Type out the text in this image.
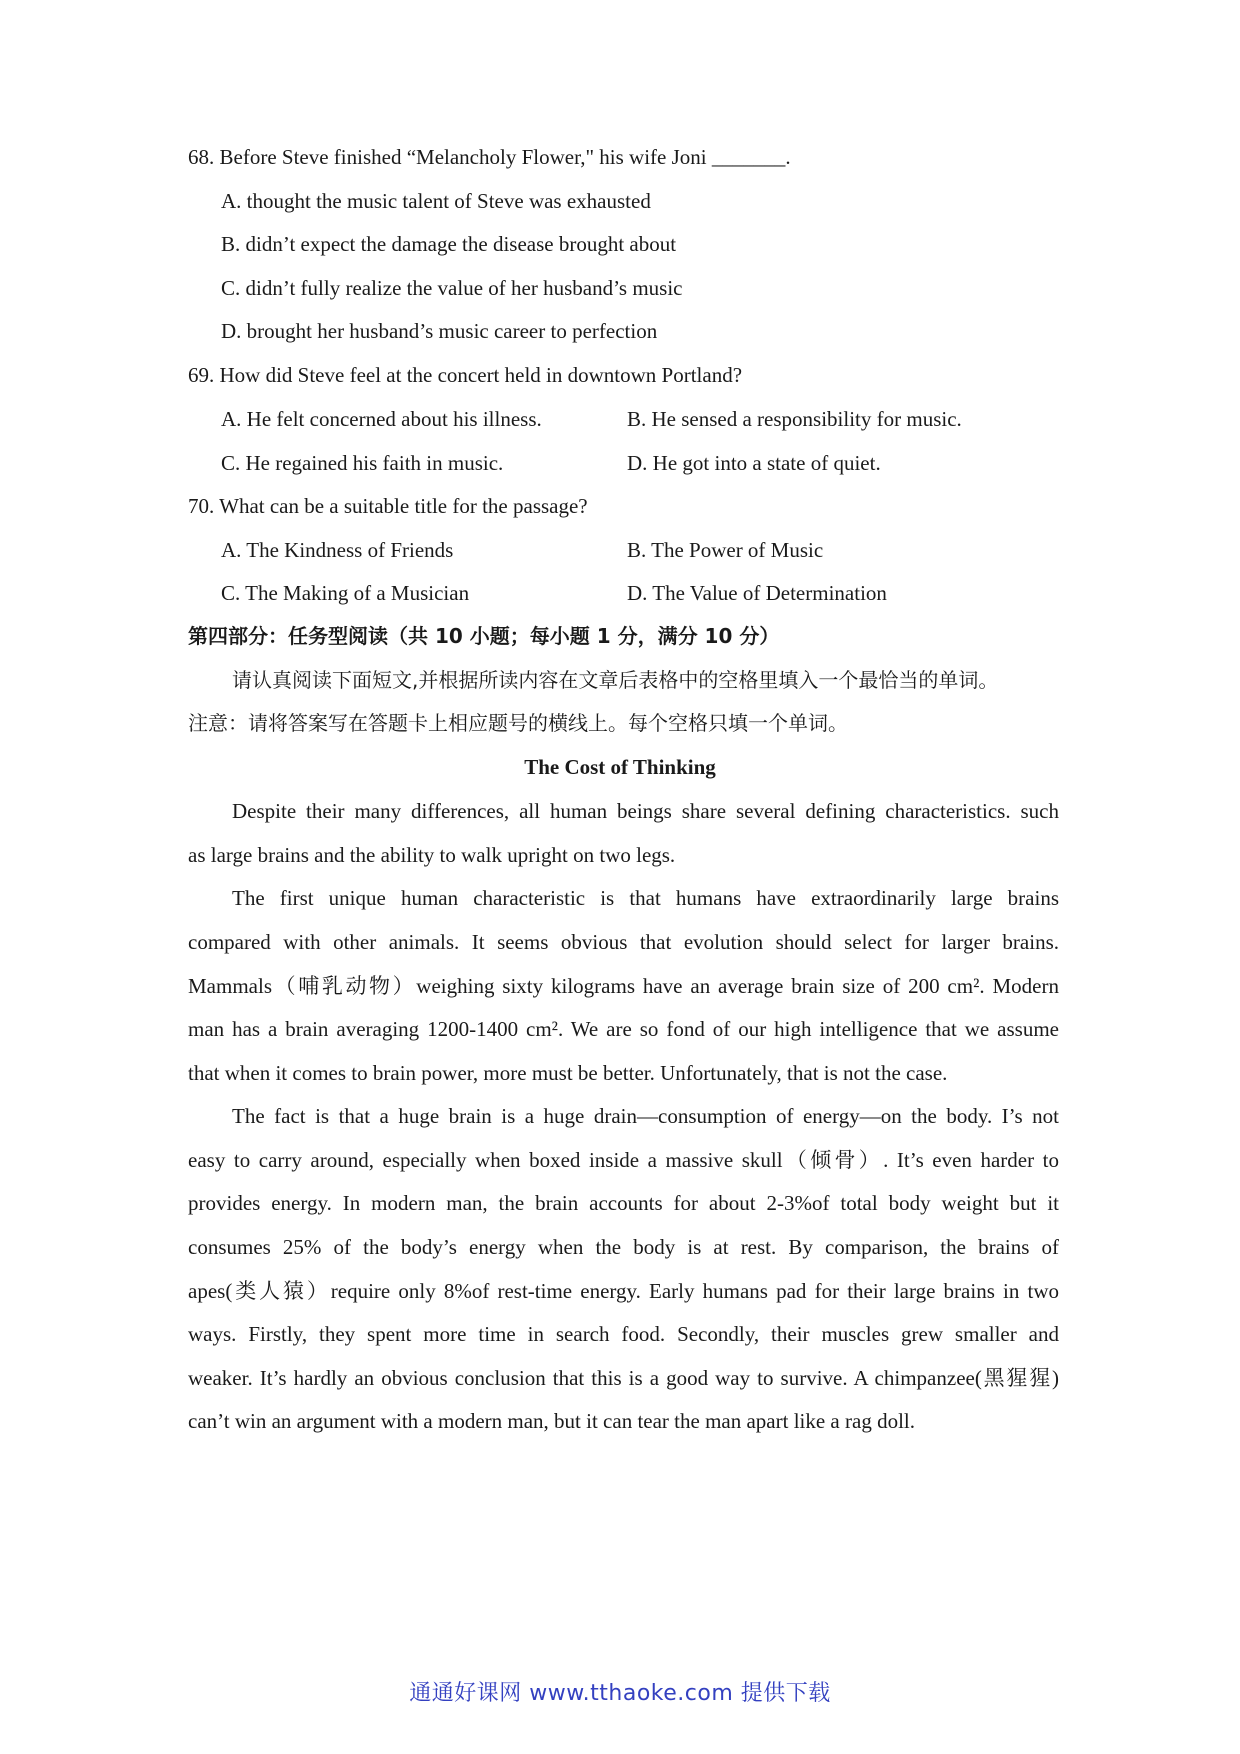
68. Before Steve finished “Melancholy Flower," his wife Joni _______.
A. thought the music talent of Steve was exhausted
B. didn’t expect the damage the disease brought about
C. didn’t fully realize the value of her husband’s music
D. brought her husband’s music career to perfection
69. How did Steve feel at the concert held in downtown Portland?
A. He felt concerned about his illness.	B. He sensed a responsibility for music.
C. He regained his faith in music.	D. He got into a state of quiet.
70. What can be a suitable title for the passage?
A. The Kindness of Friends	B. The Power of Music
C. The Making of a Musician	D. The Value of Determination
第四部分：任务型阅读（共 10 小题；每小题 1 分，满分 10 分）
请认真阅读下面短文,并根据所读内容在文章后表格中的空格里填入一个最恰当的单词。
注意：请将答案写在答题卡上相应题号的横线上。每个空格只填一个单词。
The Cost of Thinking
Despite their many differences, all human beings share several defining characteristics. such
as large brains and the ability to walk upright on two legs.
The first unique human characteristic is that humans have extraordinarily large brains
compared with other animals. It seems obvious that evolution should select for larger brains.
Mammals（哺乳动物）weighing sixty kilograms have an average brain size of 200 cm². Modern
man has a brain averaging 1200-1400 cm². We are so fond of our high intelligence that we assume
that when it comes to brain power, more must be better. Unfortunately, that is not the case.
The fact is that a huge brain is a huge drain—consumption of energy—on the body. I’s not
easy to carry around, especially when boxed inside a massive skull（倾骨）. It’s even harder to
provides energy. In modern man, the brain accounts for about 2-3%of total body weight but it
consumes 25% of the body’s energy when the body is at rest. By comparison, the brains of
apes(类人猿）require only 8%of rest-time energy. Early humans pad for their large brains in two
ways. Firstly, they spent more time in search food. Secondly, their muscles grew smaller and
weaker. It’s hardly an obvious conclusion that this is a good way to survive. A chimpanzee(黑猩猩)
can’t win an argument with a modern man, but it can tear the man apart like a rag doll.
通通好课网 www.tthaoke.com 提供下载
